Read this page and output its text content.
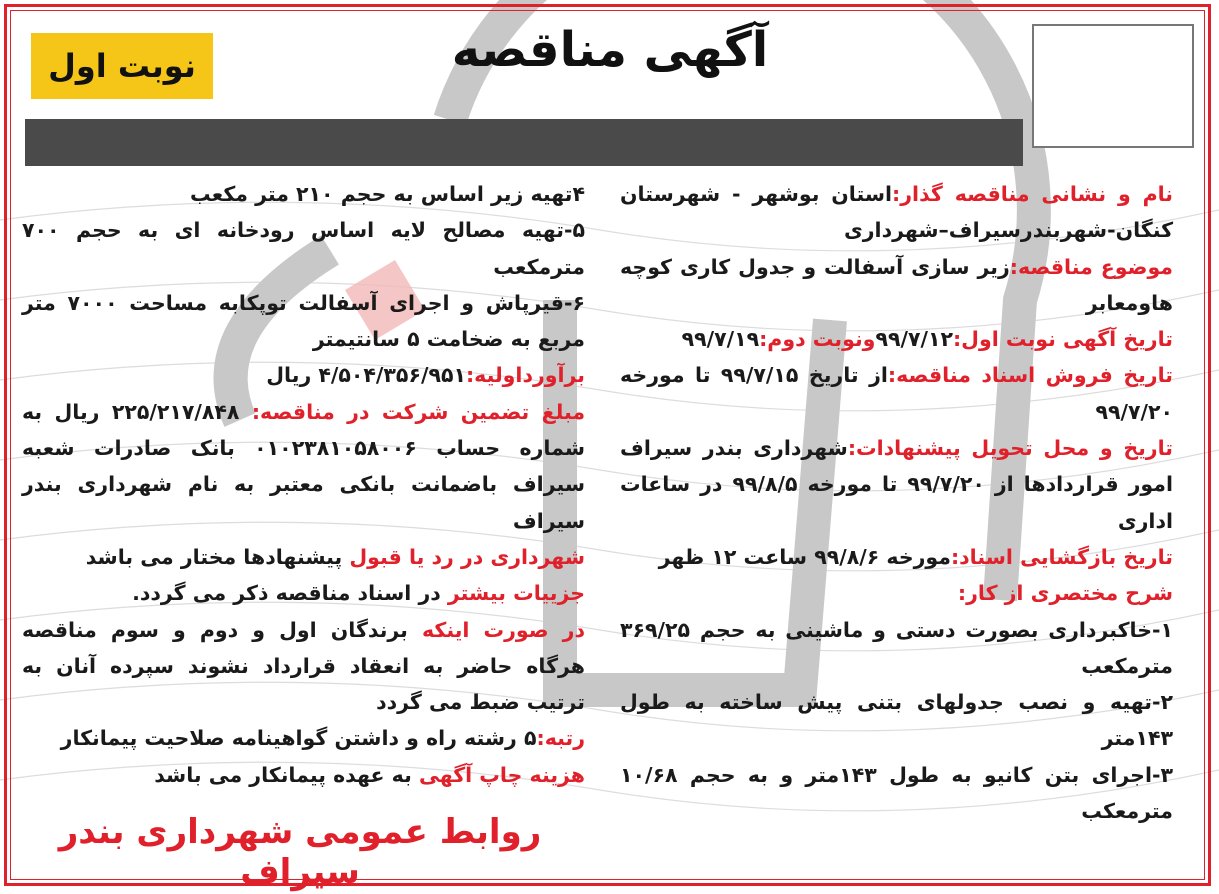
نوبت اول	آگهی مناقصه

نام و نشانی مناقصه گذار:استان بوشهر - شهرستان کنگان-شهربندرسیراف–شهرداری

موضوع مناقصه:زیر سازی آسفالت و جدول کاری کوچه هاومعابر

تاریخ آگهی نوبت اول:۹۹/۷/۱۲ونوبت دوم:۹۹/۷/۱۹

تاریخ فروش اسناد مناقصه:از تاریخ ۹۹/۷/۱۵ تا مورخه ۹۹/۷/۲۰

تاریخ و محل تحویل پیشنهادات:شهرداری بندر سیراف امور قراردادها از ۹۹/۷/۲۰ تا مورخه ۹۹/۸/۵ در ساعات اداری

تاریخ بازگشایی اسناد:مورخه ۹۹/۸/۶ ساعت ۱۲ ظهر

شرح مختصری از کار:

۱-خاکبرداری بصورت دستی و ماشینی به حجم ۳۶۹/۲۵ مترمکعب

۲-تهیه و نصب جدولهای بتنی پیش ساخته به طول ۱۴۳متر

۳-اجرای بتن کانیو به طول ۱۴۳متر و به حجم ۱۰/۶۸ مترمعکب

۴تهیه زیر اساس به حجم ۲۱۰ متر مکعب

۵-تهیه مصالح لایه اساس رودخانه ای به حجم ۷۰۰ مترمکعب

۶-قیرپاش و اجرای آسفالت توپکابه مساحت ۷۰۰۰ متر مربع به ضخامت ۵ سانتیمتر

برآورداولیه:۴/۵۰۴/۳۵۶/۹۵۱ ریال

مبلغ تضمین شرکت در مناقصه: ۲۲۵/۲۱۷/۸۴۸ ریال به شماره حساب ۰۱۰۲۳۸۱۰۵۸۰۰۶ بانک صادرات شعبه سیراف باضمانت بانکی معتبر به نام شهرداری بندر سیراف

شهرداری در رد یا قبول پیشنهادها مختار می باشد

جزییات بیشتر در اسناد مناقصه ذکر می گردد.

در صورت اینکه برندگان اول و دوم و سوم مناقصه هرگاه حاضر به انعقاد قرارداد نشوند سپرده آنان به ترتیب ضبط می گردد

رتبه:۵ رشته راه و داشتن گواهینامه صلاحیت پیمانکار

هزینه چاپ آگهی به عهده پیمانکار می باشد

روابط عمومی شهرداری بندر سیراف
